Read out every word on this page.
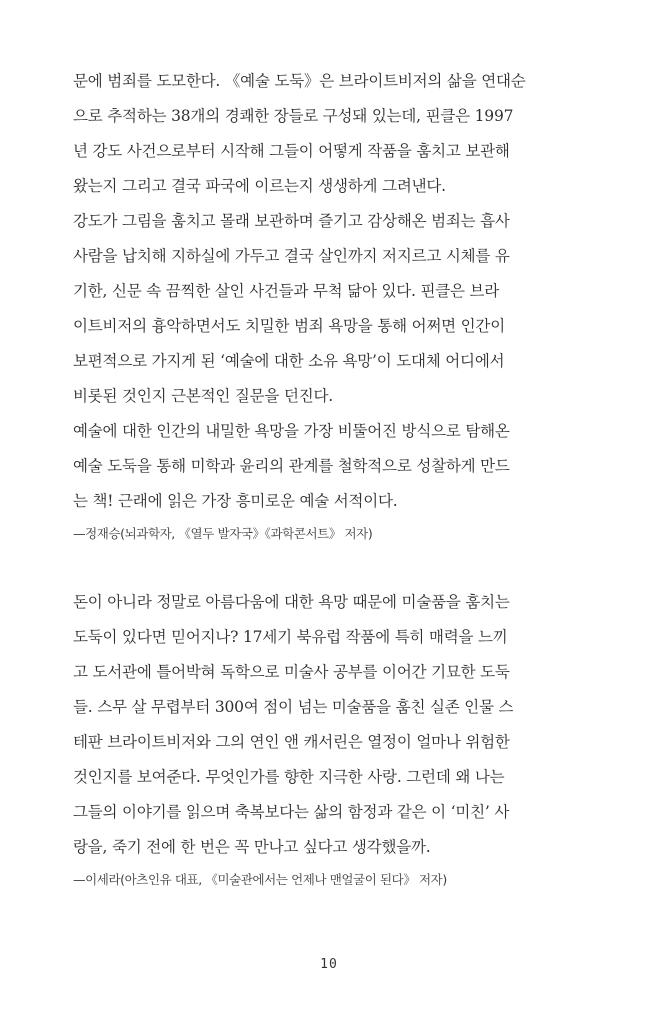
문에 범죄를 도모한다. 《예술 도둑》은 브라이트비저의 삶을 연대순
으로 추적하는 38개의 경쾌한 장들로 구성돼 있는데, 핀클은 1997
년 강도 사건으로부터 시작해 그들이 어떻게 작품을 훔치고 보관해
왔는지 그리고 결국 파국에 이르는지 생생하게 그려낸다.

강도가 그림을 훔치고 몰래 보관하며 즐기고 감상해온 범죄는 흡사
사람을 납치해 지하실에 가두고 결국 살인까지 저지르고 시체를 유
기한, 신문 속 끔찍한 살인 사건들과 무척 닮아 있다. 핀클은 브라
이트비저의 흉악하면서도 치밀한 범죄 욕망을 통해 어쩌면 인간이
보편적으로 가지게 된 ‘예술에 대한 소유 욕망’이 도대체 어디에서
비롯된 것인지 근본적인 질문을 던진다.

예술에 대한 인간의 내밀한 욕망을 가장 비뚤어진 방식으로 탐해온
예술 도둑을 통해 미학과 윤리의 관계를 철학적으로 성찰하게 만드
는 책! 근래에 읽은 가장 흥미로운 예술 서적이다.

—정재승(뇌과학자, 《열두 발자국》《과학콘서트》 저자)

돈이 아니라 정말로 아름다움에 대한 욕망 때문에 미술품을 훔치는
도둑이 있다면 믿어지나? 17세기 북유럽 작품에 특히 매력을 느끼
고 도서관에 틀어박혀 독학으로 미술사 공부를 이어간 기묘한 도둑
들. 스무 살 무렵부터 300여 점이 넘는 미술품을 훔친 실존 인물 스
테판 브라이트비저와 그의 연인 앤 캐서린은 열정이 얼마나 위험한
것인지를 보여준다. 무엇인가를 향한 지극한 사랑. 그런데 왜 나는
그들의 이야기를 읽으며 축복보다는 삶의 함정과 같은 이 ‘미친’ 사
랑을, 죽기 전에 한 번은 꼭 만나고 싶다고 생각했을까.

—이세라(아츠인유 대표, 《미술관에서는 언제나 맨얼굴이 된다》 저자)
10
